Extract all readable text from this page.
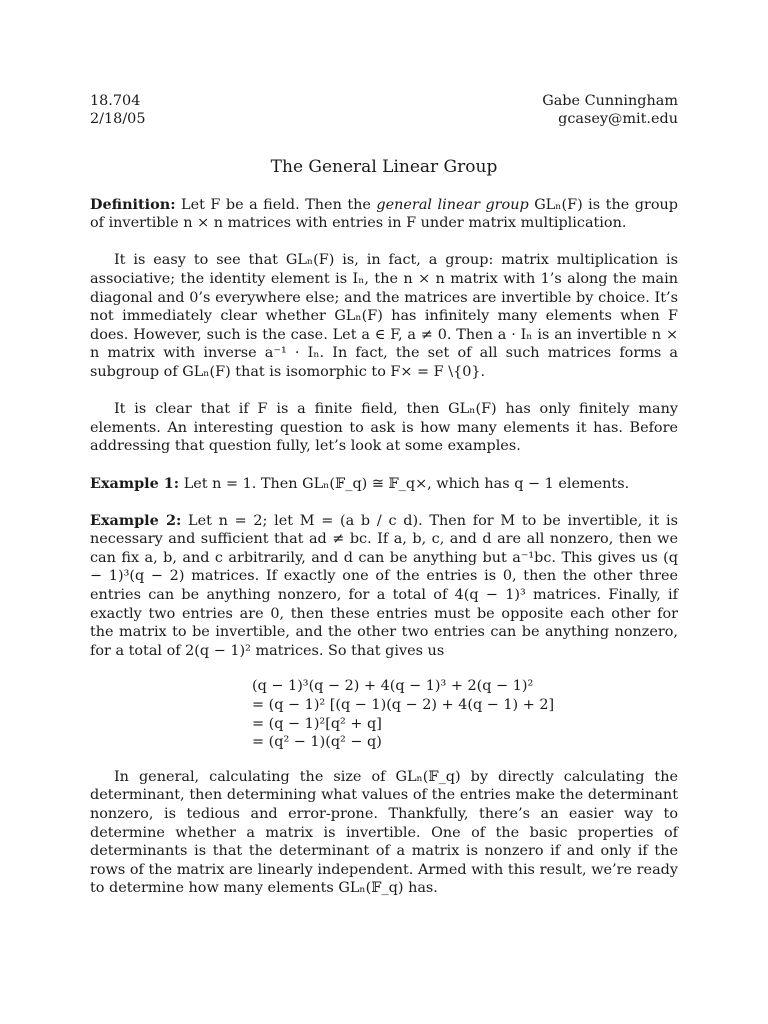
18.704
2/18/05
Gabe Cunningham
gcasey@mit.edu
The General Linear Group

Definition: Let F be a field. Then the general linear group GLₙ(F) is the group of invertible n × n matrices with entries in F under matrix multiplication.

It is easy to see that GLₙ(F) is, in fact, a group: matrix multiplication is associative; the identity element is Iₙ, the n × n matrix with 1’s along the main diagonal and 0’s everywhere else; and the matrices are invertible by choice. It’s not immediately clear whether GLₙ(F) has infinitely many elements when F does. However, such is the case. Let a ∈ F, a ≠ 0. Then a · Iₙ is an invertible n × n matrix with inverse a⁻¹ · Iₙ. In fact, the set of all such matrices forms a subgroup of GLₙ(F) that is isomorphic to F× = F \{0}.

It is clear that if F is a finite field, then GLₙ(F) has only finitely many elements. An interesting question to ask is how many elements it has. Before addressing that question fully, let’s look at some examples.

Example 1: Let n = 1. Then GLₙ(𝔽_q) ≅ 𝔽_q×, which has q − 1 elements.

Example 2: Let n = 2; let M = (a b / c d). Then for M to be invertible, it is necessary and sufficient that ad ≠ bc. If a, b, c, and d are all nonzero, then we can fix a, b, and c arbitrarily, and d can be anything but a⁻¹bc. This gives us (q − 1)³(q − 2) matrices. If exactly one of the entries is 0, then the other three entries can be anything nonzero, for a total of 4(q − 1)³ matrices. Finally, if exactly two entries are 0, then these entries must be opposite each other for the matrix to be invertible, and the other two entries can be anything nonzero, for a total of 2(q − 1)² matrices. So that gives us

(q − 1)³(q − 2) + 4(q − 1)³ + 2(q − 1)²
= (q − 1)² [(q − 1)(q − 2) + 4(q − 1) + 2]
= (q − 1)²[q² + q]
= (q² − 1)(q² − q)

In general, calculating the size of GLₙ(𝔽_q) by directly calculating the determinant, then determining what values of the entries make the determinant nonzero, is tedious and error-prone. Thankfully, there’s an easier way to determine whether a matrix is invertible. One of the basic properties of determinants is that the determinant of a matrix is nonzero if and only if the rows of the matrix are linearly independent. Armed with this result, we’re ready to determine how many elements GLₙ(𝔽_q) has.
